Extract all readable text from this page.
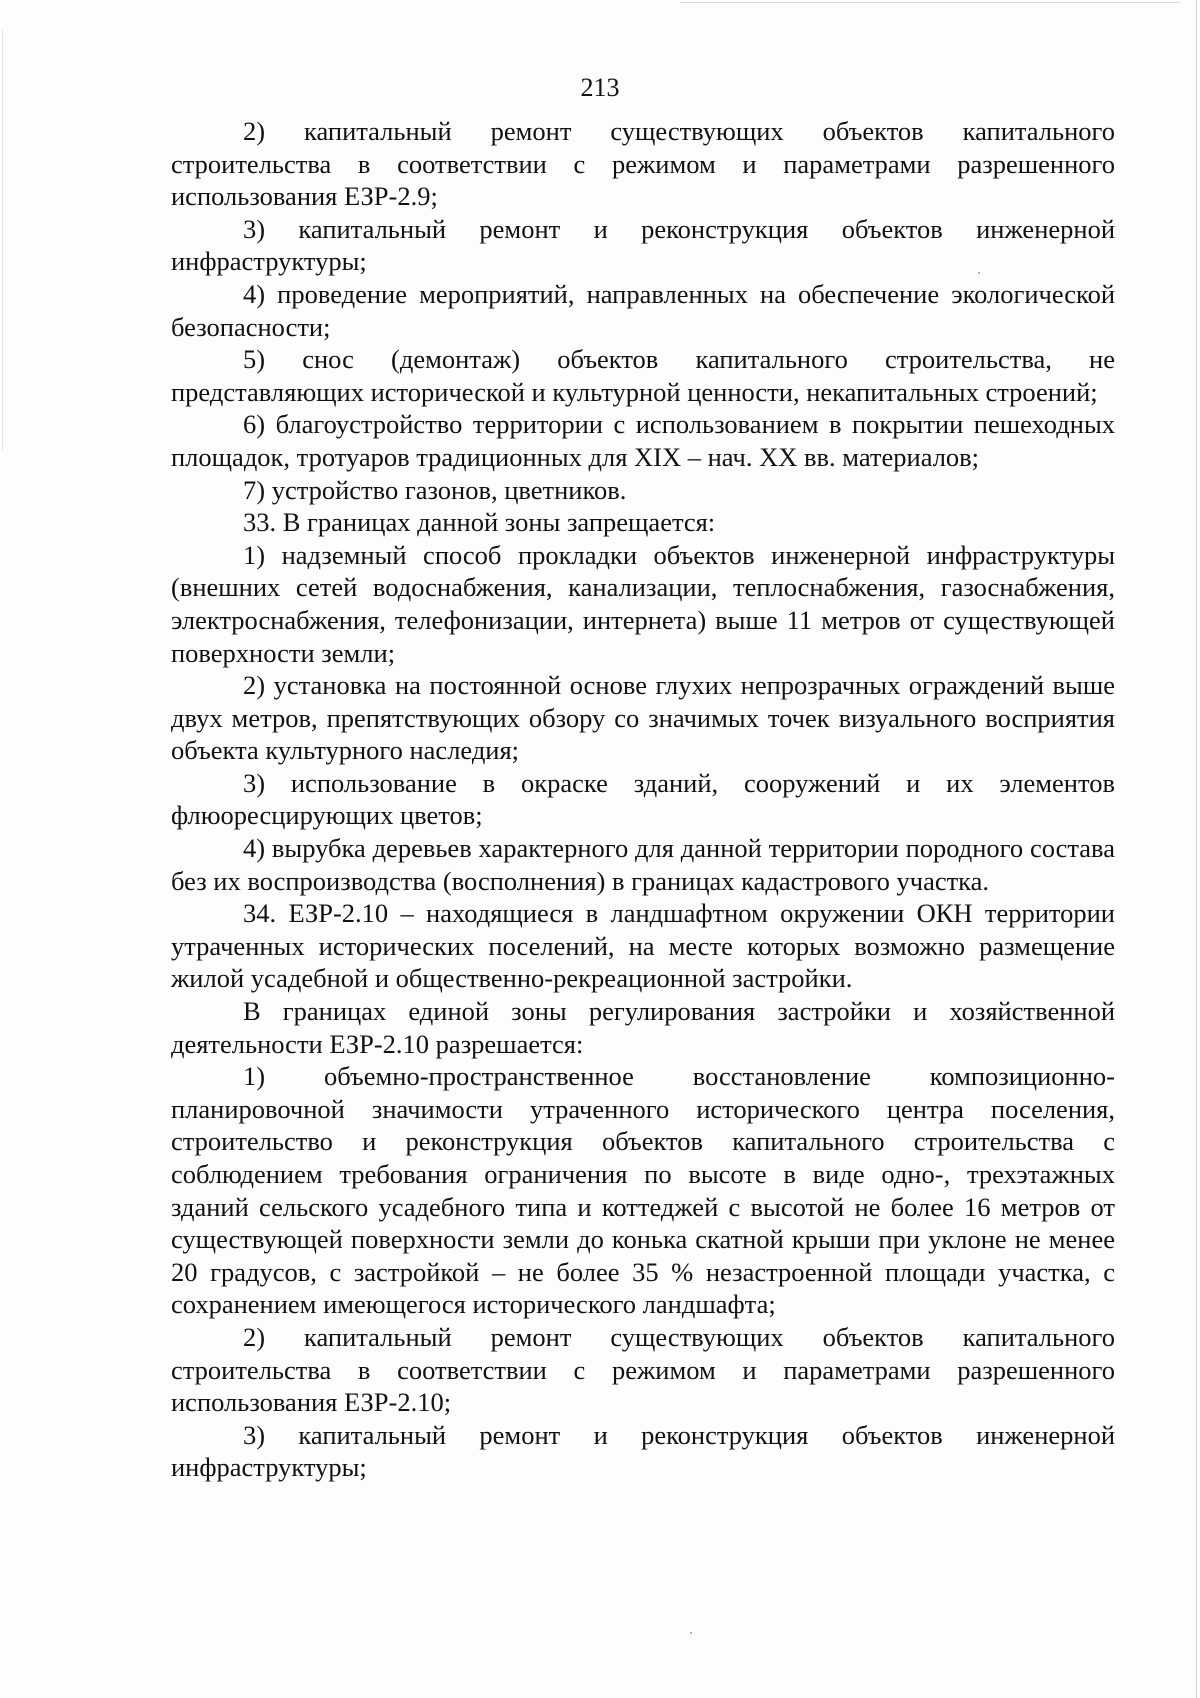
213

2) капитальный ремонт существующих объектов капитального строительства в соответствии с режимом и параметрами разрешенного использования ЕЗР-2.9;

3) капитальный ремонт и реконструкция объектов инженерной инфраструктуры;

4) проведение мероприятий, направленных на обеспечение экологической безопасности;

5) снос (демонтаж) объектов капитального строительства, не представляющих исторической и культурной ценности, некапитальных строений;

6) благоустройство территории с использованием в покрытии пешеходных площадок, тротуаров традиционных для XIX – нач. XX вв. материалов;

7) устройство газонов, цветников.

33. В границах данной зоны запрещается:

1) надземный способ прокладки объектов инженерной инфраструктуры (внешних сетей водоснабжения, канализации, теплоснабжения, газоснабжения, электроснабжения, телефонизации, интернета) выше 11 метров от существующей поверхности земли;

2) установка на постоянной основе глухих непрозрачных ограждений выше двух метров, препятствующих обзору со значимых точек визуального восприятия объекта культурного наследия;

3) использование в окраске зданий, сооружений и их элементов флюоресцирующих цветов;

4) вырубка деревьев характерного для данной территории породного состава без их воспроизводства (восполнения) в границах кадастрового участка.

34. ЕЗР-2.10 – находящиеся в ландшафтном окружении ОКН территории утраченных исторических поселений, на месте которых возможно размещение жилой усадебной и общественно-рекреационной застройки.

В границах единой зоны регулирования застройки и хозяйственной деятельности ЕЗР-2.10 разрешается:

1) объемно-пространственное восстановление композиционно-планировочной значимости утраченного исторического центра поселения, строительство и реконструкция объектов капитального строительства с соблюдением требования ограничения по высоте в виде одно-, трехэтажных зданий сельского усадебного типа и коттеджей с высотой не более 16 метров от существующей поверхности земли до конька скатной крыши при уклоне не менее 20 градусов, с застройкой – не более 35 % незастроенной площади участка, с сохранением имеющегося исторического ландшафта;

2) капитальный ремонт существующих объектов капитального строительства в соответствии с режимом и параметрами разрешенного использования ЕЗР-2.10;

3) капитальный ремонт и реконструкция объектов инженерной инфраструктуры;
